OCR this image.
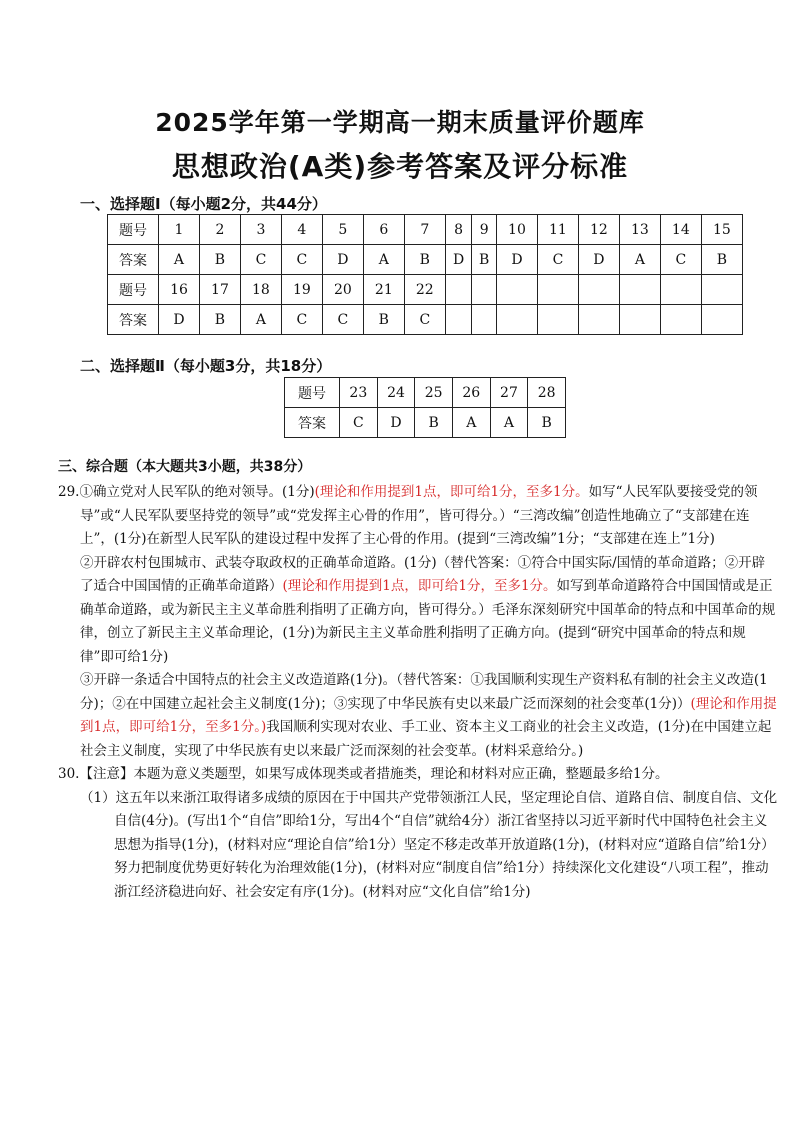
2025学年第一学期高一期末质量评价题库
思想政治(A类)参考答案及评分标准
一、选择题Ⅰ（每小题2分，共44分）
题号	1	2	3	4	5	6	7	8	9	10	11	12	13	14	15
答案	A	B	C	C	D	A	B	D	B	D	C	D	A	C	B
题号	16	17	18	19	20	21	22								
答案	D	B	A	C	C	B	C								
二、选择题Ⅱ（每小题3分，共18分）
题号	23	24	25	26	27	28
答案	C	D	B	A	A	B
三、综合题（本大题共3小题，共38分）

29.①确立党对人民军队的绝对领导。(1分)(理论和作用提到1点，即可给1分，至多1分。如写“人民军队要接受党的领导”或“人民军队要坚持党的领导”或“党发挥主心骨的作用”，皆可得分。）“三湾改编”创造性地确立了“支部建在连上”，(1分)在新型人民军队的建设过程中发挥了主心骨的作用。(提到“三湾改编”1分；“支部建在连上”1分)

②开辟农村包围城市、武装夺取政权的正确革命道路。(1分)（替代答案：①符合中国实际/国情的革命道路；②开辟了适合中国国情的正确革命道路）(理论和作用提到1点，即可给1分，至多1分。如写到革命道路符合中国国情或是正确革命道路，或为新民主主义革命胜利指明了正确方向，皆可得分。）毛泽东深刻研究中国革命的特点和中国革命的规律，创立了新民主主义革命理论，(1分)为新民主主义革命胜利指明了正确方向。(提到“研究中国革命的特点和规律”即可给1分)

③开辟一条适合中国特点的社会主义改造道路(1分)。（替代答案：①我国顺利实现生产资料私有制的社会主义改造(1分)；②在中国建立起社会主义制度(1分)；③实现了中华民族有史以来最广泛而深刻的社会变革(1分)）(理论和作用提到1点，即可给1分，至多1分。)我国顺利实现对农业、手工业、资本主义工商业的社会主义改造，(1分)在中国建立起社会主义制度，实现了中华民族有史以来最广泛而深刻的社会变革。(材料采意给分。)

30.【注意】本题为意义类题型，如果写成体现类或者措施类，理论和材料对应正确，整题最多给1分。

（1）这五年以来浙江取得诸多成绩的原因在于中国共产党带领浙江人民，坚定理论自信、道路自信、制度自信、文化自信(4分)。(写出1个“自信”即给1分，写出4个“自信”就给4分）浙江省坚持以习近平新时代中国特色社会主义思想为指导(1分)，(材料对应“理论自信”给1分）坚定不移走改革开放道路(1分)，(材料对应“道路自信”给1分）努力把制度优势更好转化为治理效能(1分)，(材料对应“制度自信”给1分）持续深化文化建设“八项工程”，推动浙江经济稳进向好、社会安定有序(1分)。(材料对应“文化自信”给1分)
